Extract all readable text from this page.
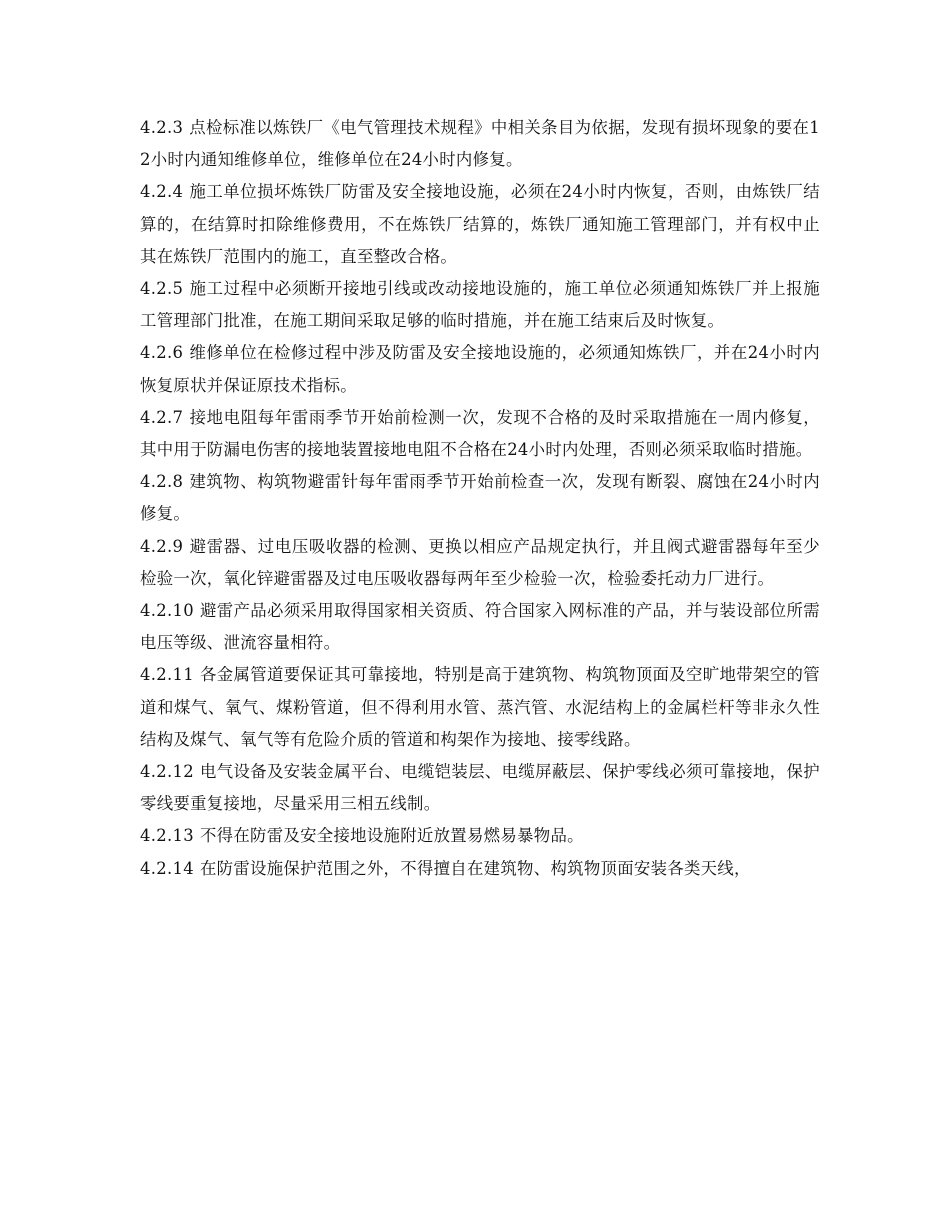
4.2.3 点检标准以炼铁厂《电气管理技术规程》中相关条目为依据，发现有损坏现象的要在12小时内通知维修单位，维修单位在24小时内修复。

4.2.4 施工单位损坏炼铁厂防雷及安全接地设施，必须在24小时内恢复，否则，由炼铁厂结算的，在结算时扣除维修费用，不在炼铁厂结算的，炼铁厂通知施工管理部门，并有权中止其在炼铁厂范围内的施工，直至整改合格。

4.2.5 施工过程中必须断开接地引线或改动接地设施的，施工单位必须通知炼铁厂并上报施工管理部门批准，在施工期间采取足够的临时措施，并在施工结束后及时恢复。

4.2.6 维修单位在检修过程中涉及防雷及安全接地设施的，必须通知炼铁厂，并在24小时内恢复原状并保证原技术指标。

4.2.7 接地电阻每年雷雨季节开始前检测一次，发现不合格的及时采取措施在一周内修复，其中用于防漏电伤害的接地装置接地电阻不合格在24小时内处理，否则必须采取临时措施。

4.2.8 建筑物、构筑物避雷针每年雷雨季节开始前检查一次，发现有断裂、腐蚀在24小时内修复。

4.2.9 避雷器、过电压吸收器的检测、更换以相应产品规定执行，并且阀式避雷器每年至少检验一次，氧化锌避雷器及过电压吸收器每两年至少检验一次，检验委托动力厂进行。

4.2.10 避雷产品必须采用取得国家相关资质、符合国家入网标准的产品，并与装设部位所需电压等级、泄流容量相符。

4.2.11 各金属管道要保证其可靠接地，特别是高于建筑物、构筑物顶面及空旷地带架空的管道和煤气、氧气、煤粉管道，但不得利用水管、蒸汽管、水泥结构上的金属栏杆等非永久性结构及煤气、氧气等有危险介质的管道和构架作为接地、接零线路。

4.2.12 电气设备及安装金属平台、电缆铠装层、电缆屏蔽层、保护零线必须可靠接地，保护零线要重复接地，尽量采用三相五线制。

4.2.13 不得在防雷及安全接地设施附近放置易燃易暴物品。

4.2.14 在防雷设施保护范围之外，不得擅自在建筑物、构筑物顶面安装各类天线，
